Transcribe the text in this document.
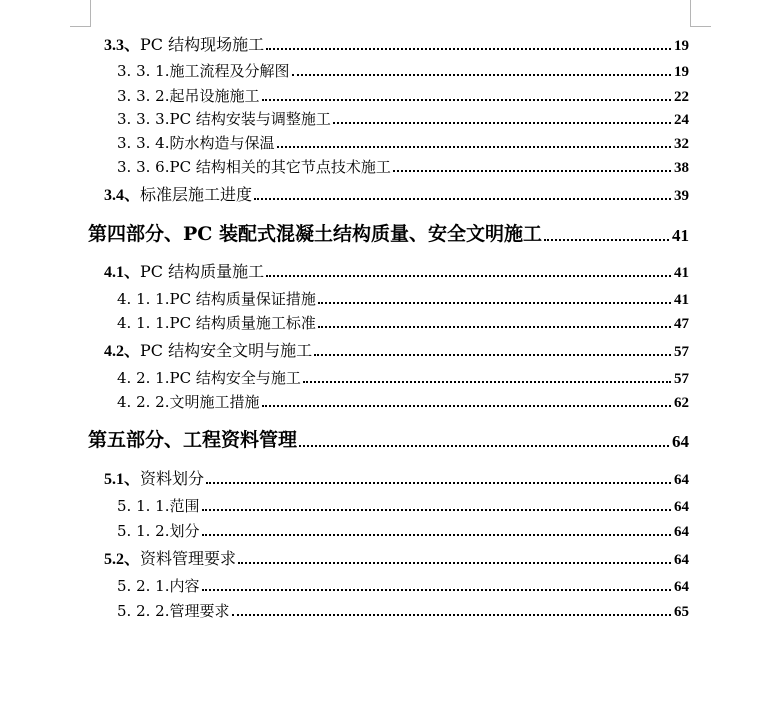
3.3、PC 结构现场施工	19
3. 3. 1.施工流程及分解图	19
3. 3. 2.起吊设施施工	22
3. 3. 3.PC 结构安装与调整施工	24
3. 3. 4.防水构造与保温	32
3. 3. 6.PC 结构相关的其它节点技术施工	38
3.4、标准层施工进度	39
第四部分、PC 装配式混凝土结构质量、安全文明施工	41
4.1、PC 结构质量施工	41
4. 1. 1.PC 结构质量保证措施	41
4. 1. 1.PC 结构质量施工标准	47
4.2、PC 结构安全文明与施工	57
4. 2. 1.PC 结构安全与施工	57
4. 2. 2.文明施工措施	62
第五部分、工程资料管理	64
5.1、资料划分	64
5. 1. 1.范围	64
5. 1. 2.划分	64
5.2、资料管理要求	64
5. 2. 1.内容	64
5. 2. 2.管理要求	65
